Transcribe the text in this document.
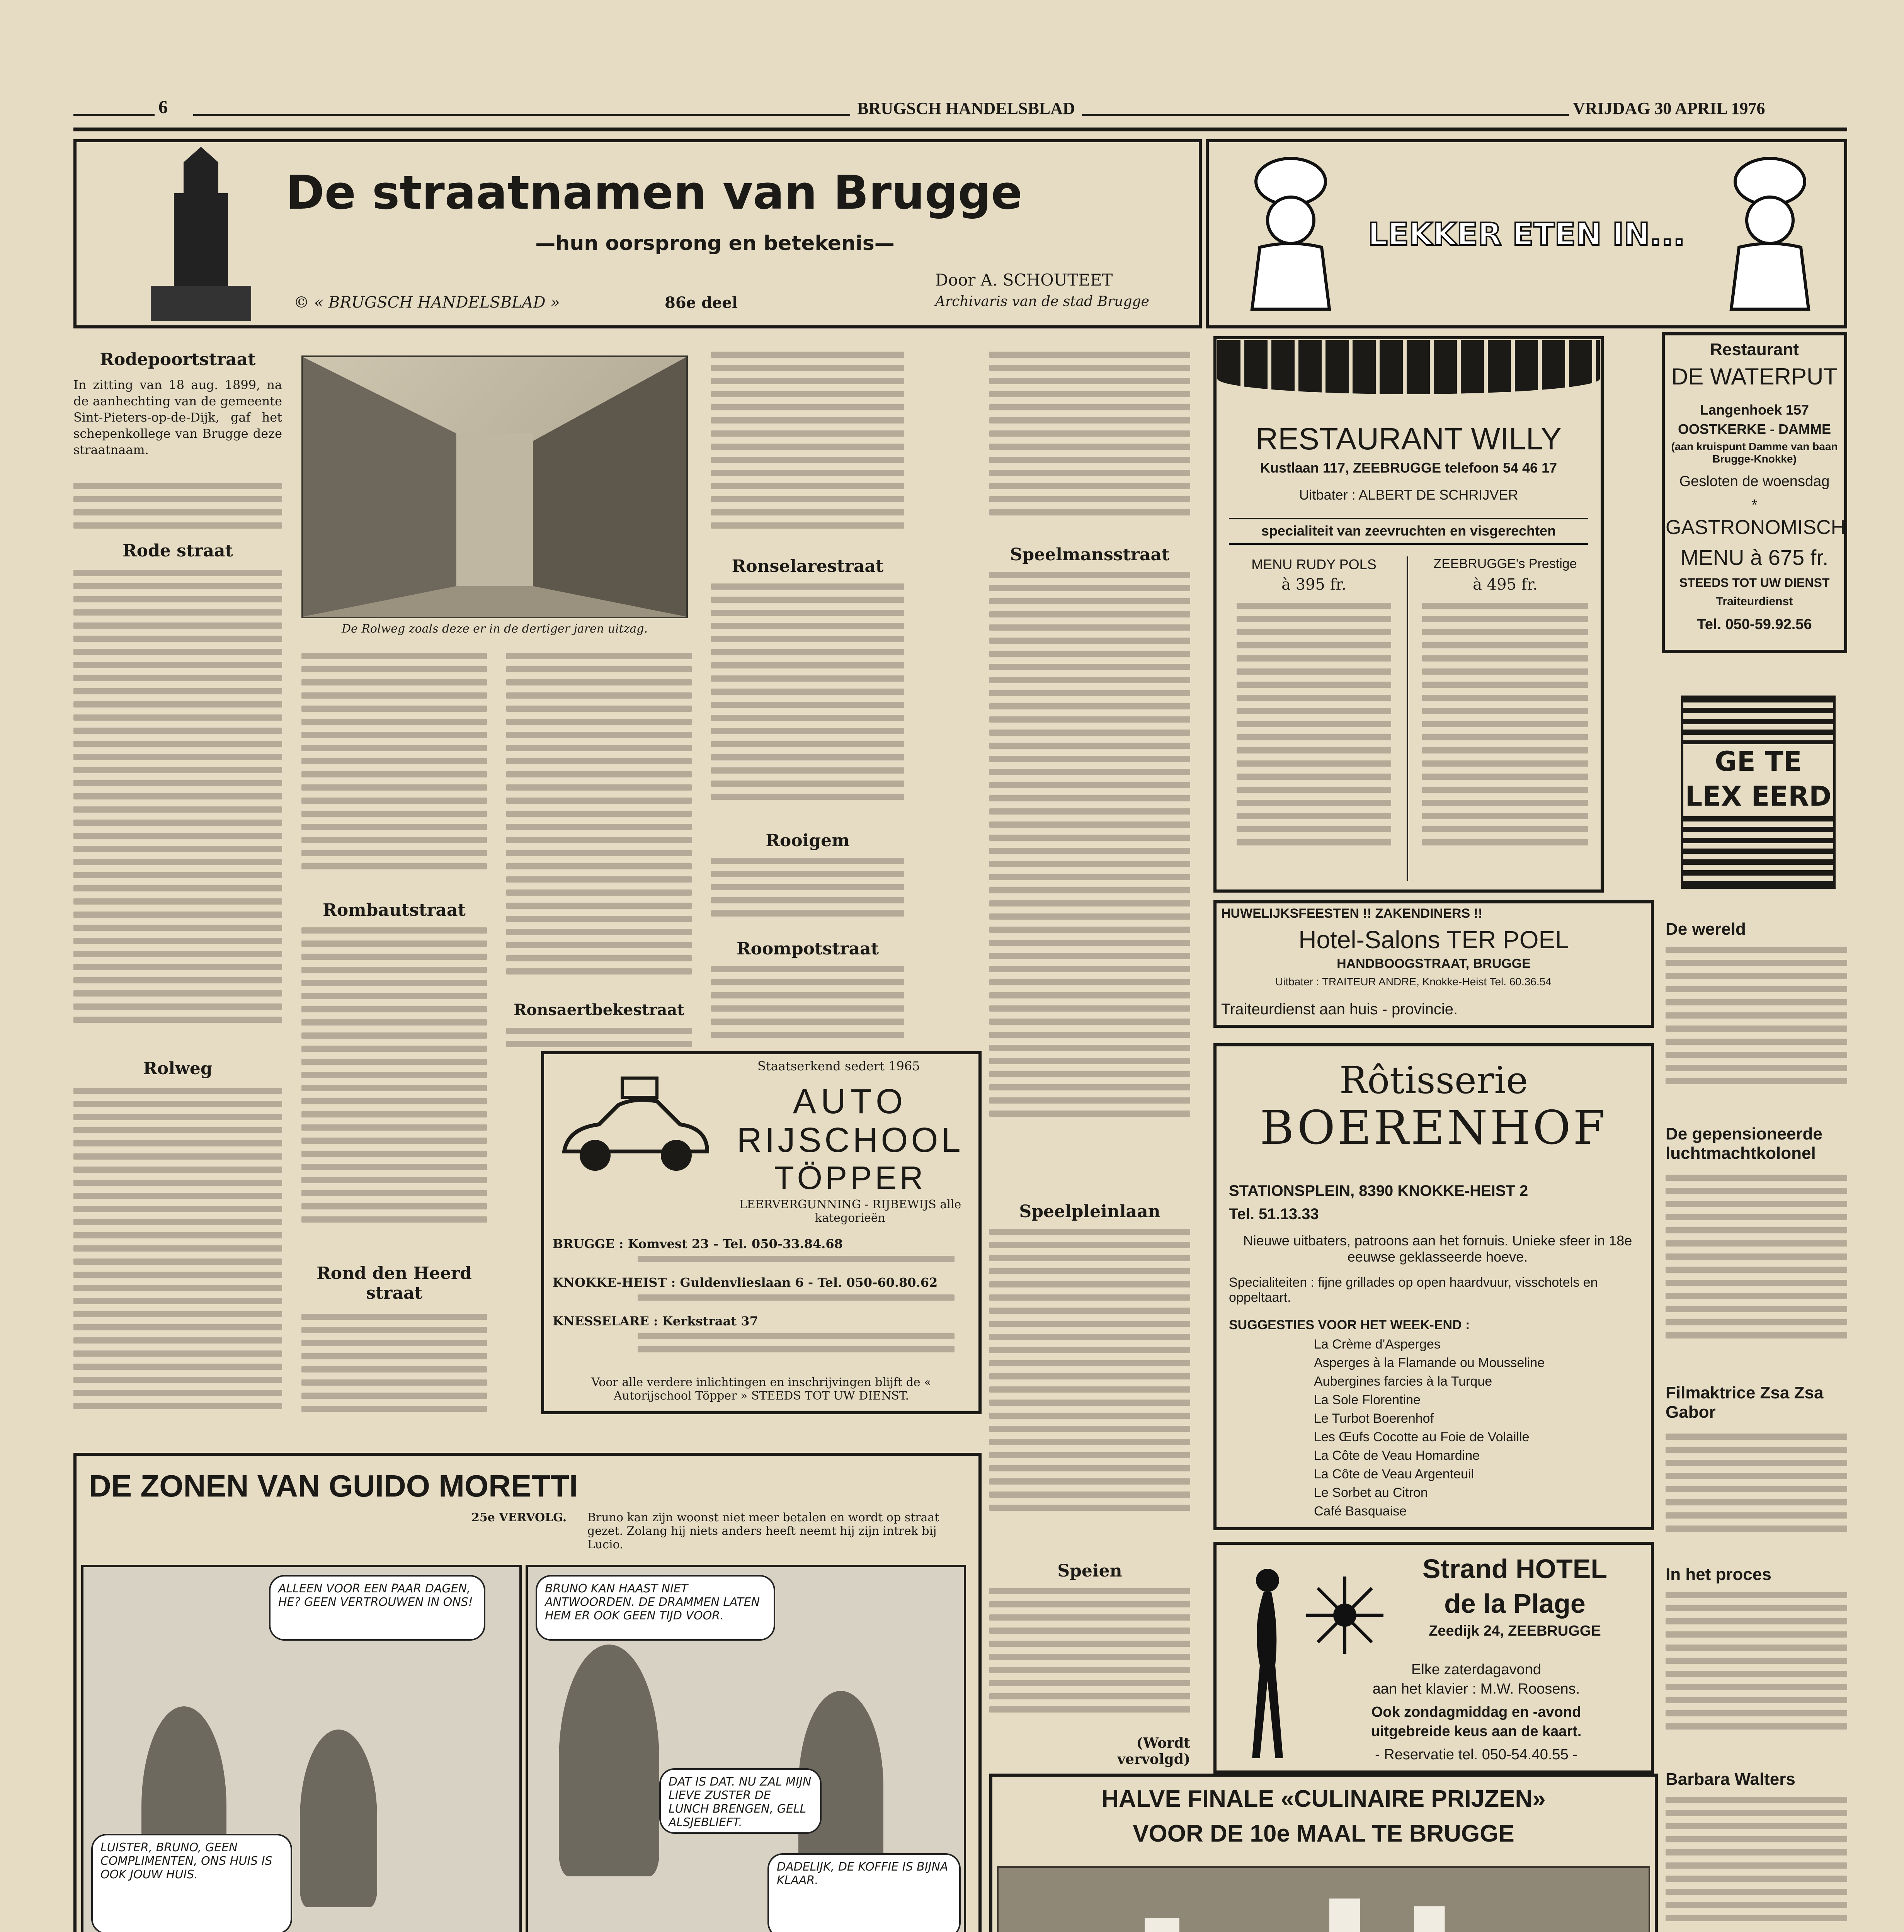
6	BRUGSCH HANDELSBLAD	VRIJDAG 30 APRIL 1976
De straatnamen van Brugge
—hun oorsprong en betekenis—
© « BRUGSCH HANDELSBLAD »	86e deel
Door A. SCHOUTEET
Archivaris van de stad Brugge
Rodepoortstraat
In zitting van 18 aug. 1899, na de aanhechting van de gemeente Sint-Pieters-op-de-Dijk, gaf het schepenkollege van Brugge deze straatnaam.
Rode straat
Rolweg
De Rolweg zoals deze er in de dertiger jaren uitzag.
Rombautstraat
Rond den Heerd straat
Ronsaertbekestraat
Ronselarestraat
Rooigem
Roompotstraat
Speelmansstraat
Speelpleinlaan
Speien
(Wordt vervolgd)
Staatserkend sedert 1965
AUTO
RIJSCHOOL
TÖPPER
LEERVERGUNNING - RIJBEWIJS alle kategorieën
BRUGGE : Komvest 23 - Tel. 050-33.84.68
KNOKKE-HEIST : Guldenvlieslaan 6 - Tel. 050-60.80.62
KNESSELARE : Kerkstraat 37
Voor alle verdere inlichtingen en inschrijvingen blijft de « Autorijschool Töpper » STEEDS TOT UW DIENST.
LEKKER ETEN IN...
RESTAURANT WILLY
Kustlaan 117, ZEEBRUGGE telefoon 54 46 17
Uitbater : ALBERT DE SCHRIJVER
specialiteit van zeevruchten en visgerechten
MENU RUDY POLS
à 395 fr.
ZEEBRUGGE's Prestige
à 495 fr.
Restaurant
DE WATERPUT
Langenhoek 157
OOSTKERKE - DAMME
(aan kruispunt Damme van baan Brugge-Knokke)
Gesloten de woensdag
*
GASTRONOMISCH
MENU à 675 fr.
STEEDS TOT UW DIENST
Traiteurdienst
Tel. 050-59.92.56
GE TE LEX EERD
HUWELIJKSFEESTEN !! ZAKENDINERS !!
Hotel-Salons TER POEL
HANDBOOGSTRAAT, BRUGGE
Uitbater : TRAITEUR ANDRE, Knokke-Heist Tel. 60.36.54
Traiteurdienst aan huis - provincie.
Rôtisserie
BOERENHOF
STATIONSPLEIN, 8390 KNOKKE-HEIST 2
Tel. 51.13.33
Nieuwe uitbaters, patroons aan het fornuis. Unieke sfeer in 18e eeuwse geklasseerde hoeve.
Specialiteiten : fijne grillades op open haardvuur, visschotels en oppeltaart.
SUGGESTIES VOOR HET WEEK-END :
La Crème d'Asperges
Asperges à la Flamande ou Mousseline
Aubergines farcies à la Turque
La Sole Florentine
Le Turbot Boerenhof
Les Œufs Cocotte au Foie de Volaille
La Côte de Veau Homardine
La Côte de Veau Argenteuil
Le Sorbet au Citron
Café Basquaise
Strand HOTEL
de la Plage
Zeedijk 24, ZEEBRUGGE
Elke zaterdagavond
aan het klavier : M.W. Roosens.
Ook zondagmiddag en -avond
uitgebreide keus aan de kaart.
- Reservatie tel. 050-54.40.55 -
De wereld
De gepensioneerde luchtmachtkolonel
Filmaktrice Zsa Zsa Gabor
In het proces
Barbara Walters
DE ZONEN VAN GUIDO MORETTI
25e VERVOLG.	Bruno kan zijn woonst niet meer betalen en wordt op straat gezet. Zolang hij niets anders heeft neemt hij zijn intrek bij Lucio.
ALLEEN VOOR EEN PAAR DAGEN, HE? GEEN VERTROUWEN IN ONS!
LUISTER, BRUNO, GEEN COMPLIMENTEN, ONS HUIS IS OOK JOUW HUIS.
BRUNO KAN HAAST NIET ANTWOORDEN. DE DRAMMEN LATEN HEM ER OOK GEEN TIJD VOOR.
DAT IS DAT. NU ZAL MIJN LIEVE ZUSTER DE LUNCH BRENGEN, GELL ALSJEBLIEFT.
DADELIJK, DE KOFFIE IS BIJNA KLAAR.
HALVE FINALE «CULINAIRE PRIJZEN»
VOOR DE 10e MAAL TE BRUGGE
